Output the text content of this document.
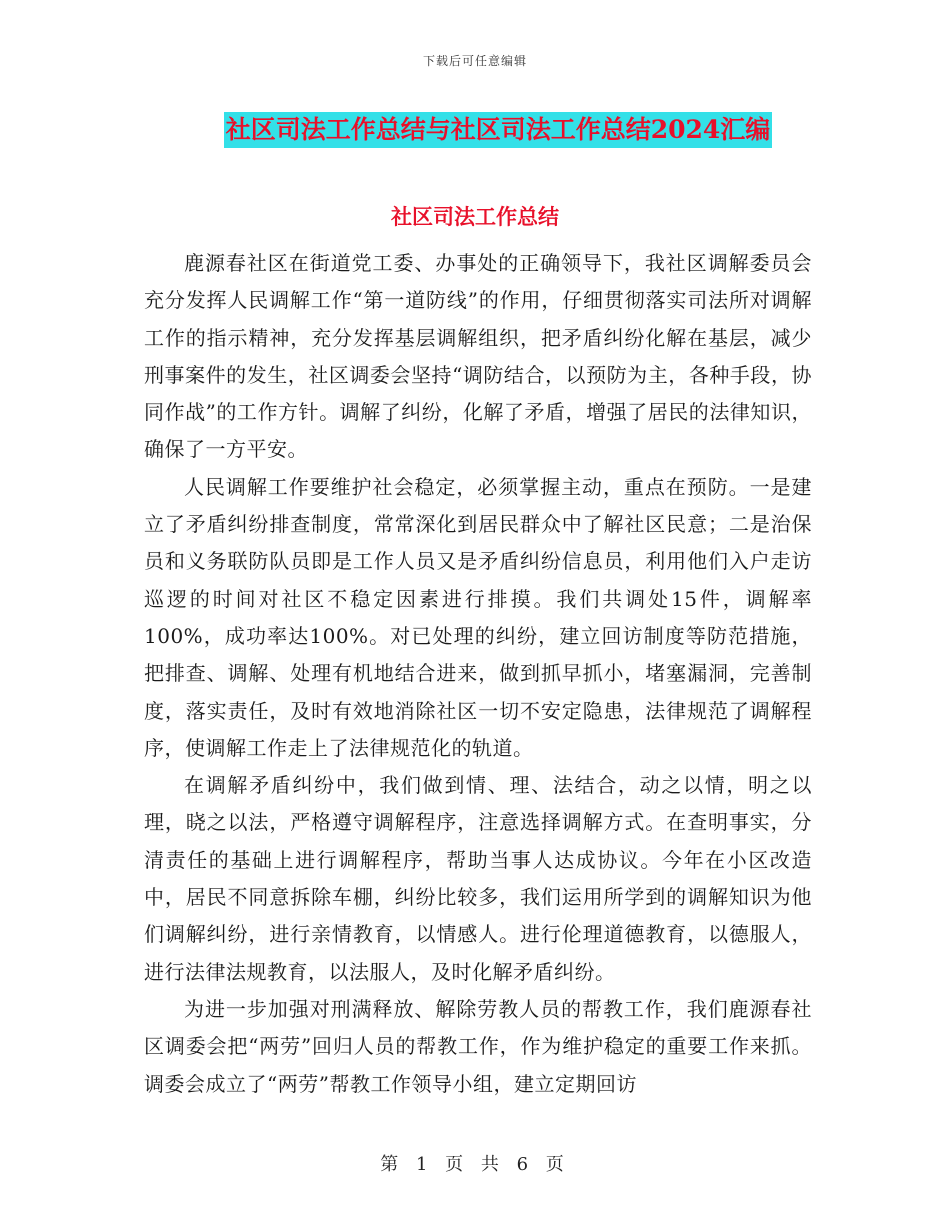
下载后可任意编辑
社区司法工作总结与社区司法工作总结2024汇编
社区司法工作总结

鹿源春社区在街道党工委、办事处的正确领导下，我社区调解委员会充分发挥人民调解工作“第一道防线”的作用，仔细贯彻落实司法所对调解工作的指示精神，充分发挥基层调解组织，把矛盾纠纷化解在基层，减少刑事案件的发生，社区调委会坚持“调防结合，以预防为主，各种手段，协同作战”的工作方针。调解了纠纷，化解了矛盾，增强了居民的法律知识，确保了一方平安。

人民调解工作要维护社会稳定，必须掌握主动，重点在预防。一是建立了矛盾纠纷排查制度，常常深化到居民群众中了解社区民意；二是治保员和义务联防队员即是工作人员又是矛盾纠纷信息员，利用他们入户走访巡逻的时间对社区不稳定因素进行排摸。我们共调处15件，调解率100%，成功率达100%。对已处理的纠纷，建立回访制度等防范措施，把排查、调解、处理有机地结合进来，做到抓早抓小，堵塞漏洞，完善制度，落实责任，及时有效地消除社区一切不安定隐患，法律规范了调解程序，使调解工作走上了法律规范化的轨道。

在调解矛盾纠纷中，我们做到情、理、法结合，动之以情，明之以理，晓之以法，严格遵守调解程序，注意选择调解方式。在查明事实，分清责任的基础上进行调解程序，帮助当事人达成协议。今年在小区改造中，居民不同意拆除车棚，纠纷比较多，我们运用所学到的调解知识为他们调解纠纷，进行亲情教育，以情感人。进行伦理道德教育，以德服人，进行法律法规教育，以法服人，及时化解矛盾纠纷。

为进一步加强对刑满释放、解除劳教人员的帮教工作，我们鹿源春社区调委会把“两劳”回归人员的帮教工作，作为维护稳定的重要工作来抓。调委会成立了“两劳”帮教工作领导小组，建立定期回访

第 1 页 共 6 页
